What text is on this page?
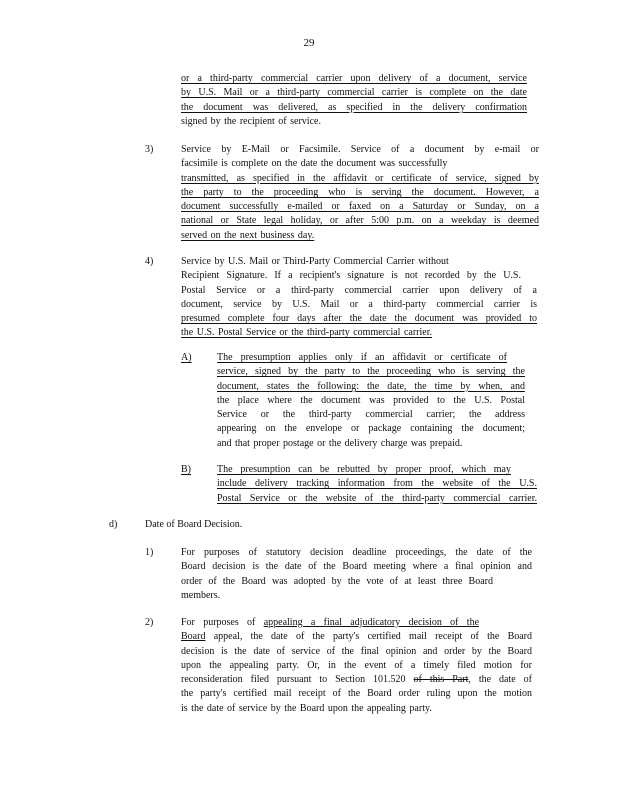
29
or a third-party commercial carrier upon delivery of a document, service
by U.S. Mail or a third-party commercial carrier is complete on the date
the document was delivered, as specified in the delivery confirmation
signed by the recipient of service.
3)	Service by E-Mail or Facsimile. Service of a document by e-mail or
facsimile is complete on the date the document was successfully
transmitted, as specified in the affidavit or certificate of service, signed by
the party to the proceeding who is serving the document. However, a
document successfully e-mailed or faxed on a Saturday or Sunday, on a
national or State legal holiday, or after 5:00 p.m. on a weekday is deemed
served on the next business day.
4)	Service by U.S. Mail or Third-Party Commercial Carrier without
Recipient Signature. If a recipient's signature is not recorded by the U.S.
Postal Service or a third-party commercial carrier upon delivery of a
document, service by U.S. Mail or a third-party commercial carrier is
presumed complete four days after the date the document was provided to
the U.S. Postal Service or the third-party commercial carrier.
A)	The presumption applies only if an affidavit or certificate of
service, signed by the party to the proceeding who is serving the
document, states the following: the date, the time by when, and
the place where the document was provided to the U.S. Postal
Service or the third-party commercial carrier; the address
appearing on the envelope or package containing the document;
and that proper postage or the delivery charge was prepaid.
B)	The presumption can be rebutted by proper proof, which may
include delivery tracking information from the website of the U.S.
Postal Service or the website of the third-party commercial carrier.
d)	Date of Board Decision.
1)	For purposes of statutory decision deadline proceedings, the date of the
Board decision is the date of the Board meeting where a final opinion and
order of the Board was adopted by the vote of at least three Board
members.
2)	For purposes of appealing a final adjudicatory decision of the
Board appeal, the date of the party's certified mail receipt of the Board
decision is the date of service of the final opinion and order by the Board
upon the appealing party. Or, in the event of a timely filed motion for
reconsideration filed pursuant to Section 101.520 of this Part, the date of
the party's certified mail receipt of the Board order ruling upon the motion
is the date of service by the Board upon the appealing party.
